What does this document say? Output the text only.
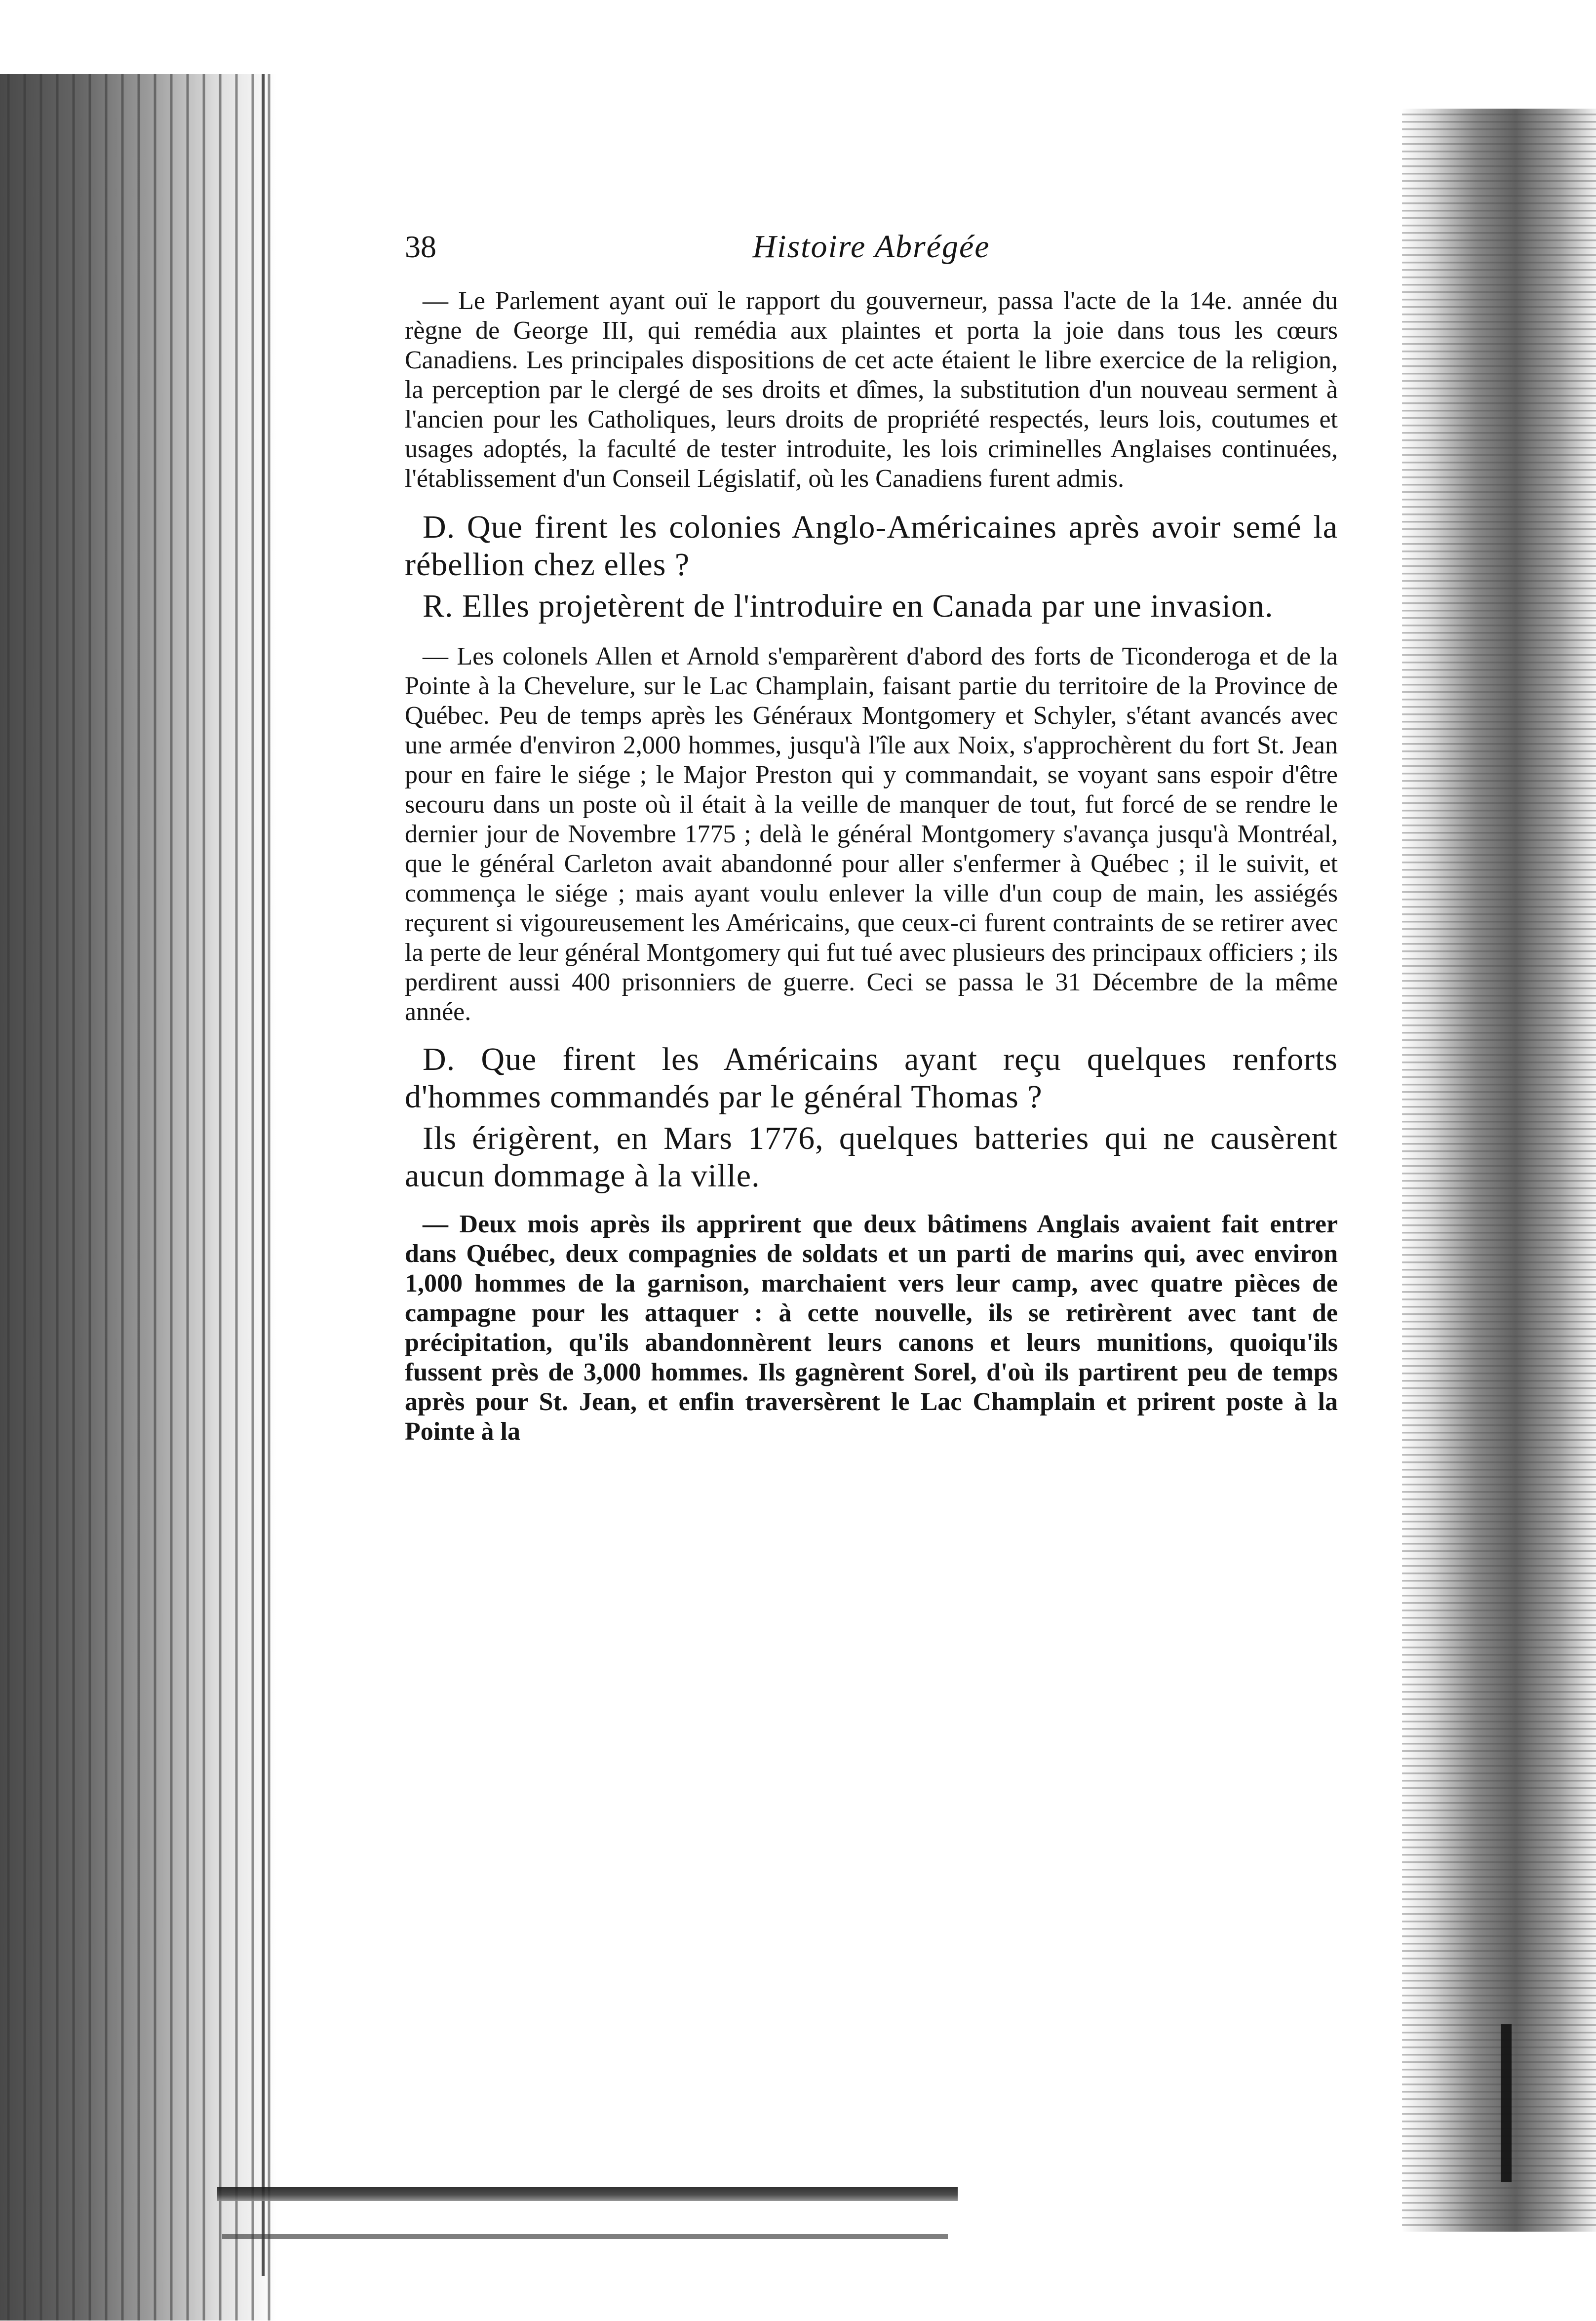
38	Histoire Abrégée

— Le Parlement ayant ouï le rapport du gouverneur, passa l'acte de la 14e. année du règne de George III, qui remédia aux plaintes et porta la joie dans tous les cœurs Canadiens. Les principales dispositions de cet acte étaient le libre exercice de la religion, la perception par le clergé de ses droits et dîmes, la substitution d'un nouveau serment à l'ancien pour les Catholiques, leurs droits de propriété respectés, leurs lois, coutumes et usages adoptés, la faculté de tester introduite, les lois criminelles Anglaises continuées, l'établissement d'un Conseil Législatif, où les Canadiens furent admis.

D. Que firent les colonies Anglo-Américaines après avoir semé la rébellion chez elles ?

R. Elles projetèrent de l'introduire en Canada par une invasion.

— Les colonels Allen et Arnold s'emparèrent d'abord des forts de Ticonderoga et de la Pointe à la Chevelure, sur le Lac Champlain, faisant partie du territoire de la Province de Québec. Peu de temps après les Généraux Montgomery et Schyler, s'étant avancés avec une armée d'environ 2,000 hommes, jusqu'à l'île aux Noix, s'approchèrent du fort St. Jean pour en faire le siége ; le Major Preston qui y commandait, se voyant sans espoir d'être secouru dans un poste où il était à la veille de manquer de tout, fut forcé de se rendre le dernier jour de Novembre 1775 ; delà le général Montgomery s'avança jusqu'à Montréal, que le général Carleton avait abandonné pour aller s'enfermer à Québec ; il le suivit, et commença le siége ; mais ayant voulu enlever la ville d'un coup de main, les assiégés reçurent si vigoureusement les Américains, que ceux-ci furent contraints de se retirer avec la perte de leur général Montgomery qui fut tué avec plusieurs des principaux officiers ; ils perdirent aussi 400 prisonniers de guerre. Ceci se passa le 31 Décembre de la même année.

D. Que firent les Américains ayant reçu quelques renforts d'hommes commandés par le général Thomas ?

Ils érigèrent, en Mars 1776, quelques batteries qui ne causèrent aucun dommage à la ville.

— Deux mois après ils apprirent que deux bâtimens Anglais avaient fait entrer dans Québec, deux compagnies de soldats et un parti de marins qui, avec environ 1,000 hommes de la garnison, marchaient vers leur camp, avec quatre pièces de campagne pour les attaquer : à cette nouvelle, ils se retirèrent avec tant de précipitation, qu'ils abandonnèrent leurs canons et leurs munitions, quoiqu'ils fussent près de 3,000 hommes. Ils gagnèrent Sorel, d'où ils partirent peu de temps après pour St. Jean, et enfin traversèrent le Lac Champlain et prirent poste à la Pointe à la
